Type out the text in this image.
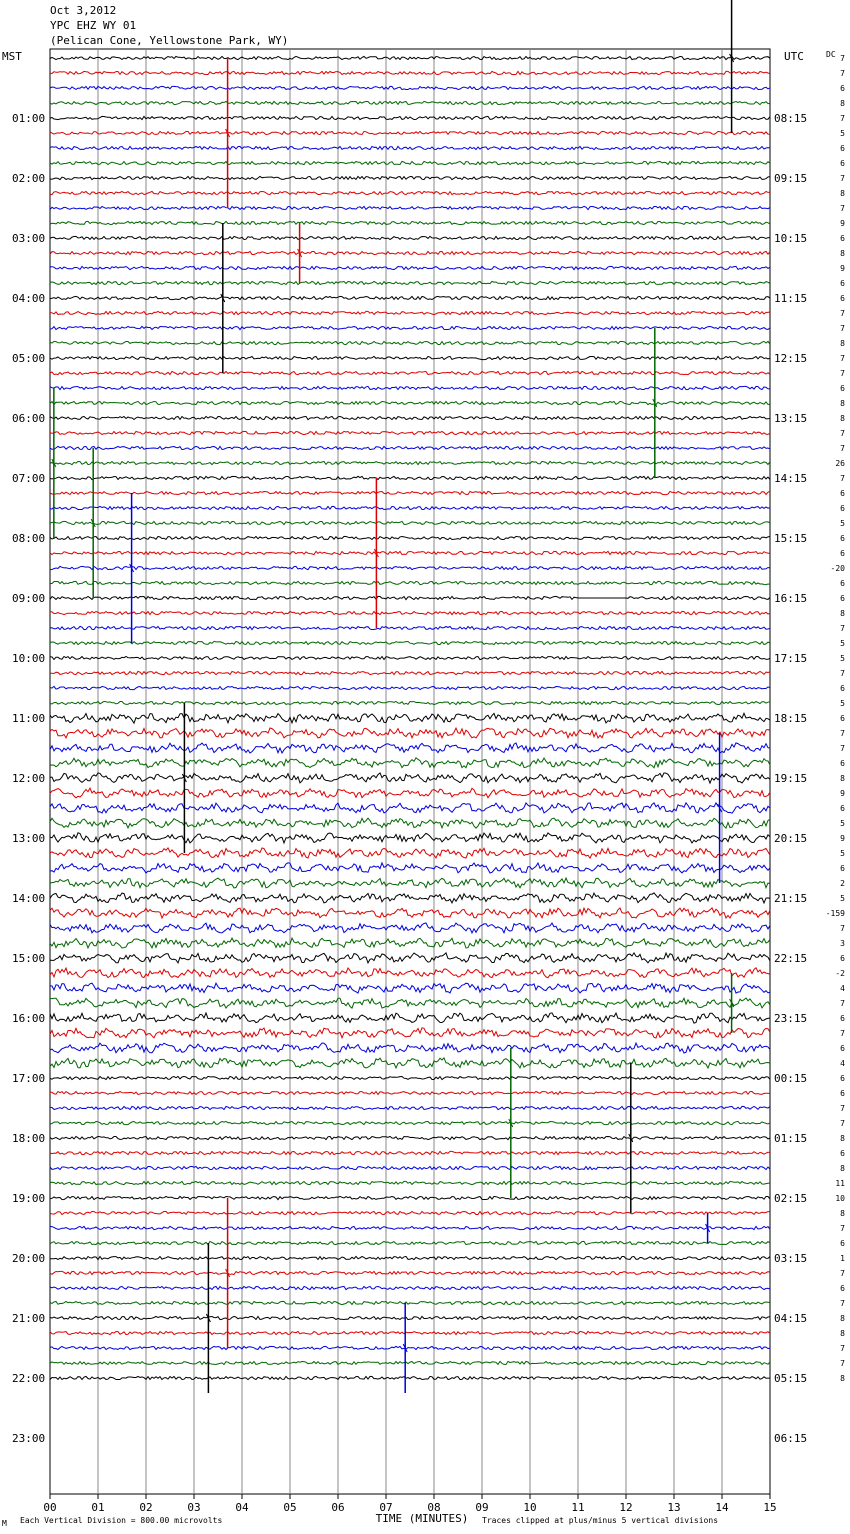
Oct 3,2012
YPC EHZ WY 01
(Pelican Cone, Yellowstone Park, WY)
MST	UTC
00	01	02	03	04	05	06	07	08	09	10	11	12	13	14	15
01:00	08:15
02:00	09:15
03:00	10:15
04:00	11:15
05:00	12:15
06:00	13:15
07:00	14:15
08:00	15:15
09:00	16:15
10:00	17:15
11:00	18:15
12:00	19:15
13:00	20:15
14:00	21:15
15:00	22:15
16:00	23:15
17:00	00:15
18:00	01:15
19:00	02:15
20:00	03:15
21:00	04:15
22:00	05:15
23:00	06:15
7
7
6
8
7
5
6
6
7
8
7
9
6
8
9
6
6
7
7
8
7
7
6
8
8
7
7
26
7
6
6
5
6
6
-20
6
6
8
7
5
5
7
6
5
6
7
7
6
8
9
6
5
9
5
6
2
5
-159
7
3
6
-2
4
7
6
7
6
4
6
6
7
7
8
6
8
11
10
8
7
6
1
7
6
7
8
8
7
7
8
DC
TIME (MINUTES)
Each Vertical Division = 800.00 microvolts	Traces clipped at plus/minus 5 vertical divisions
M
